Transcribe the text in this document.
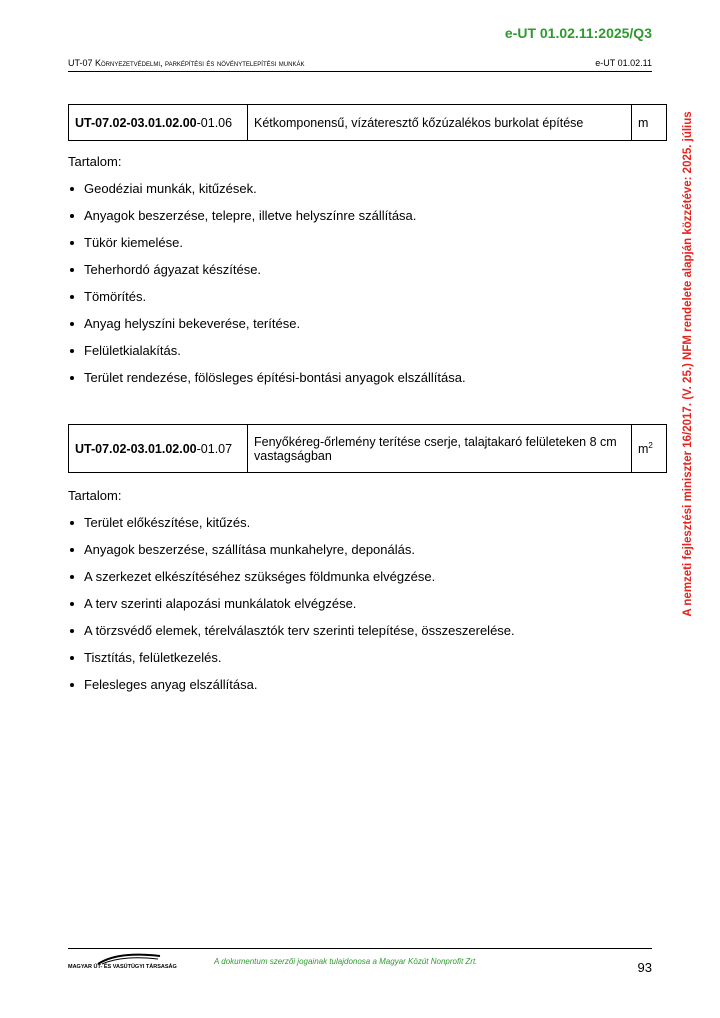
e-UT 01.02.11:2025/Q3
UT-07 Környezetvédelmi, parképítési és növénytelepítési munkák	e-UT 01.02.11
A nemzeti fejlesztési miniszter 16/2017. (V. 25.) NFM rendelete alapján közzétéve: 2025. július
UT-07.02-03.01.02.00-01.06	Kétkomponensű, vízáteresztő kőzúzalékos burkolat építése	m
Tartalom:
Geodéziai munkák, kitűzések.
Anyagok beszerzése, telepre, illetve helyszínre szállítása.
Tükör kiemelése.
Teherhordó ágyazat készítése.
Tömörítés.
Anyag helyszíni bekeverése, terítése.
Felületkialakítás.
Terület rendezése, fölösleges építési-bontási anyagok elszállítása.
UT-07.02-03.01.02.00-01.07	Fenyőkéreg-őrlemény terítése cserje, talajtakaró felületeken 8 cm vastagságban	$m^2$
Tartalom:
Terület előkészítése, kitűzés.
Anyagok beszerzése, szállítása munkahelyre, deponálás.
A szerkezet elkészítéséhez szükséges földmunka elvégzése.
A terv szerinti alapozási munkálatok elvégzése.
A törzsvédő elemek, térelválasztók terv szerinti telepítése, összeszerelése.
Tisztítás, felületkezelés.
Felesleges anyag elszállítása.
MAGYAR ÚT- ÉS VASÚTÜGYI TÁRSASÁG
A dokumentum szerzői jogainak tulajdonosa a Magyar Közút Nonprofit Zrt.	93
